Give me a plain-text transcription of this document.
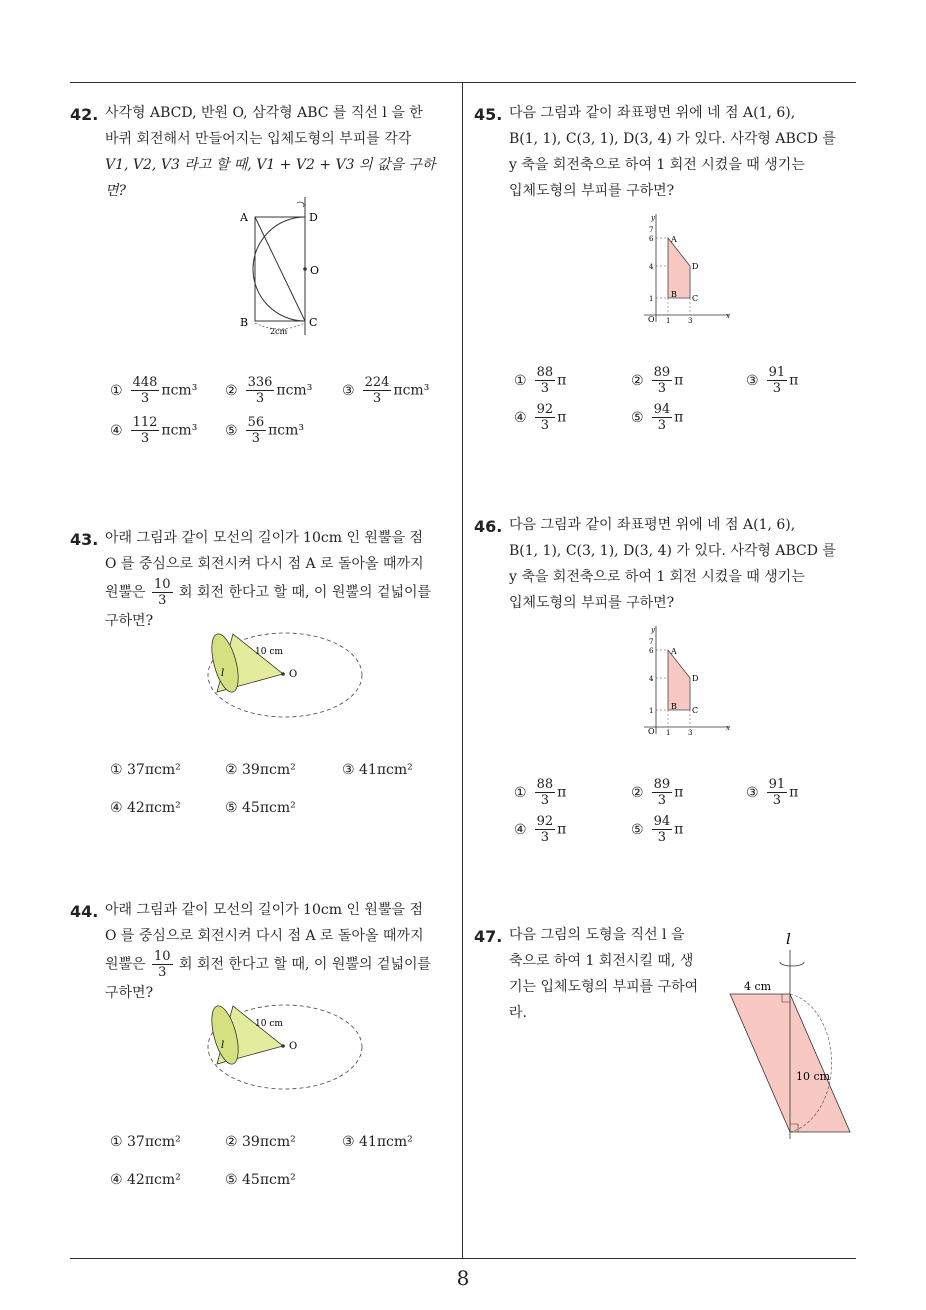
8
42. 사각형 ABCD, 반원 O, 삼각형 ABC 를 직선 l 을 한
바퀴 회전해서 만들어지는 입체도형의 부피를 각각
V1, V2, V3 라고 할 때, V1 + V2 + V3 의 값을 구하면?
A	D
O
B	C
2cm
① $\frac{448}{3} \pi cm^3$ ② $\frac{336}{3} \pi cm^3$ ③ $\frac{224}{3} \pi cm^3$
④ $\frac{112}{3} \pi cm^3$ ⑤ $\frac{56}{3} \pi cm^3$
43. 아래 그림과 같이 모선의 길이가 10cm 인 원뿔을 점
O 를 중심으로 회전시켜 다시 점 A 로 돌아올 때까지
원뿔은 $\frac{10}{3}$ 회 회전 한다고 할 때, 이 원뿔의 겉넓이를
구하면?
10 cm
O
l
① 37πcm²	② 39πcm²	③ 41πcm²
④ 42πcm²	⑤ 45πcm²
44. 아래 그림과 같이 모선의 길이가 10cm 인 원뿔을 점
O 를 중심으로 회전시켜 다시 점 A 로 돌아올 때까지
원뿔은 $\frac{10}{3}$ 회 회전 한다고 할 때, 이 원뿔의 겉넓이를
구하면?
10 cm
O
l
① 37πcm²	② 39πcm²	③ 41πcm²
④ 42πcm²	⑤ 45πcm²
45. 다음 그림과 같이 좌표평면 위에 네 점 A(1, 6),
B(1, 1), C(3, 1), D(3, 4) 가 있다. 사각형 ABCD 를
y 축을 회전축으로 하여 1 회전 시켰을 때 생기는
입체도형의 부피를 구하면?
y
x
O
7
6
4
1
1	3
A
D
B C
① $\frac{88}{3}$ π	② $\frac{89}{3}$ π	③ $\frac{91}{3}$ π
④ $\frac{92}{3}$ π	⑤ $\frac{94}{3}$ π
46. 다음 그림과 같이 좌표평면 위에 네 점 A(1, 6),
B(1, 1), C(3, 1), D(3, 4) 가 있다. 사각형 ABCD 를
y 축을 회전축으로 하여 1 회전 시켰을 때 생기는
입체도형의 부피를 구하면?
y
x
O
7
6
4
1
1	3
A
D
B C
① $\frac{88}{3}$ π	② $\frac{89}{3}$ π	③ $\frac{91}{3}$ π
④ $\frac{92}{3}$ π	⑤ $\frac{94}{3}$ π
47. 다음 그림의 도형을 직선 l 을
축으로 하여 1 회전시킬 때, 생
기는 입체도형의 부피를 구하여
라.
l
4 cm
10 cm
